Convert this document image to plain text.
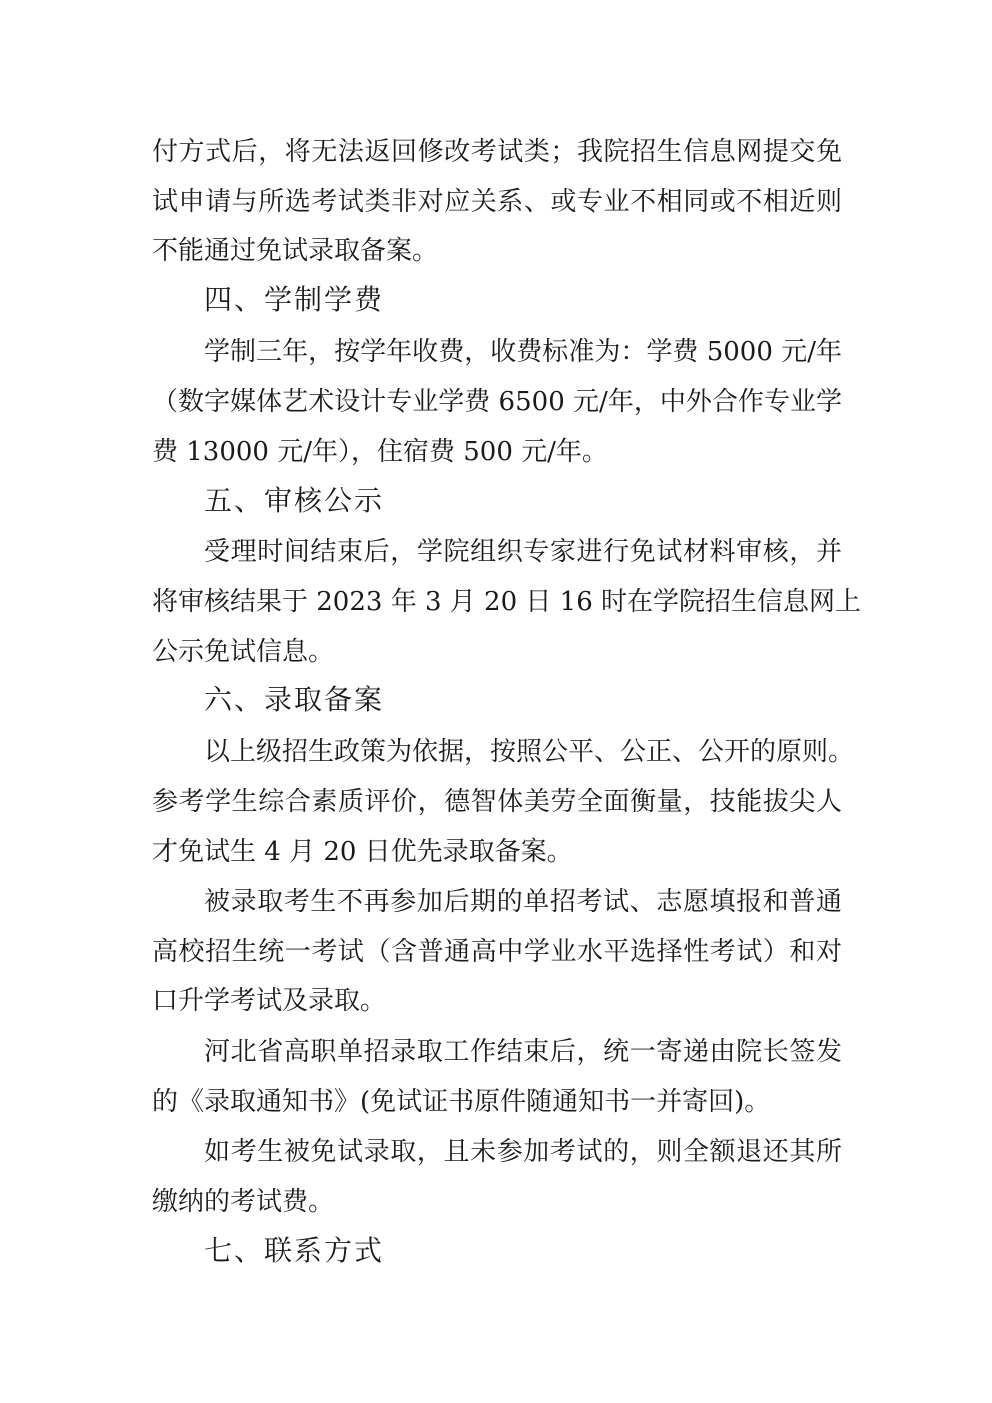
付方式后，将无法返回修改考试类；我院招生信息网提交免
试申请与所选考试类非对应关系、或专业不相同或不相近则
不能通过免试录取备案。
四、学制学费
学制三年，按学年收费，收费标准为：学费 5000 元/年
（数字媒体艺术设计专业学费 6500 元/年，中外合作专业学
费 13000 元/年），住宿费 500 元/年。
五、审核公示
受理时间结束后，学院组织专家进行免试材料审核，并
将审核结果于 2023 年 3 月 20 日 16 时在学院招生信息网上
公示免试信息。
六、录取备案
以上级招生政策为依据，按照公平、公正、公开的原则。
参考学生综合素质评价，德智体美劳全面衡量，技能拔尖人
才免试生 4 月 20 日优先录取备案。
被录取考生不再参加后期的单招考试、志愿填报和普通
高校招生统一考试（含普通高中学业水平选择性考试）和对
口升学考试及录取。
河北省高职单招录取工作结束后，统一寄递由院长签发
的《录取通知书》(免试证书原件随通知书一并寄回)。
如考生被免试录取，且未参加考试的，则全额退还其所
缴纳的考试费。
七、联系方式
